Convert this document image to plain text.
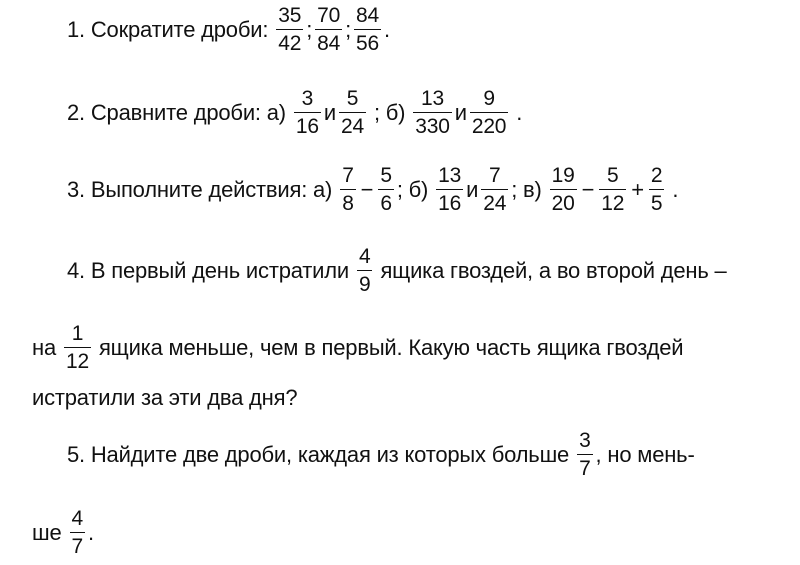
1. Сократите дроби: $\frac{35}{42}$ ; $\frac{70}{84}$ ; $\frac{84}{56}$ .
2. Сравните дроби: $а) \frac{3}{16}$ и $\frac{5}{24}$ ; $б) \frac{13}{330}$ и $\frac{9}{220}$ .
3. Выполните действия: $а) \frac{7}{8} - \frac{5}{6}$ ; $б) \frac{13}{16}$ и $\frac{7}{24}$ ; $в) \frac{19}{20} - \frac{5}{12} + \frac{2}{5}$ .
4. В первый день истратили $\frac{4}{9}$ ящика гвоздей, а во второй день –
на $\frac{1}{12}$ ящика меньше, чем в первый. Какую часть ящика гвоздей
истратили за эти два дня?
5. Найдите две дроби, каждая из которых больше $\frac{3}{7}$ , но мень-
ше $\frac{4}{7}$ .
